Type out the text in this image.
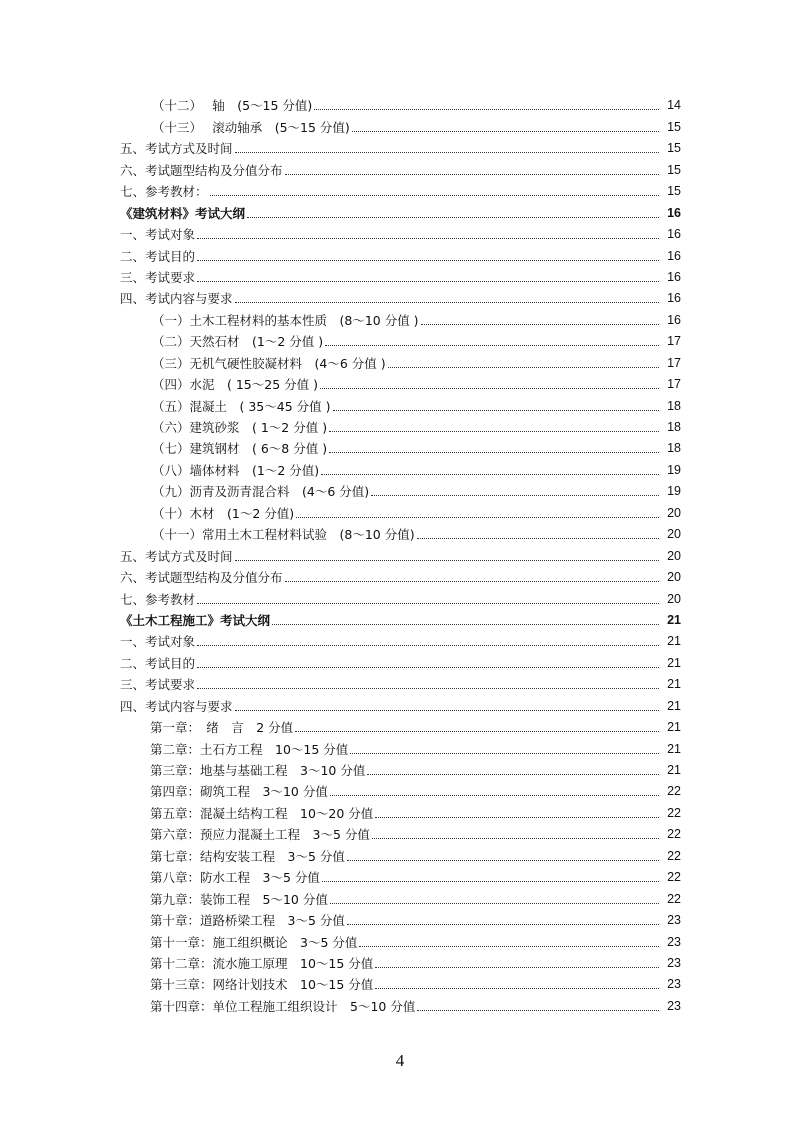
（十二）　 轴　(5～15 分值)	14
（十三）　 滚动轴承　(5～15 分值)	15
五、考试方式及时间	15
六、考试题型结构及分值分布	15
七、参考教材：	15
《建筑材料》考试大纲	16
一、考试对象	16
二、考试目的	16
三、考试要求	16
四、考试内容与要求	16
（一）土木工程材料的基本性质　(8～10 分值 )	16
（二）天然石材　(1～2 分值 )	17
（三）无机气硬性胶凝材料　(4～6 分值 )	17
（四）水泥　( 15～25 分值 )	17
（五）混凝土　( 35～45 分值 )	18
（六）建筑砂浆　( 1～2 分值 )	18
（七）建筑钢材　( 6～8 分值 )	18
（八）墙体材料　(1～2 分值)	19
（九）沥青及沥青混合料　(4～6 分值)	19
（十）木材　(1～2 分值)	20
（十一）常用土木工程材料试验　(8～10 分值)	20
五、考试方式及时间	20
六、考试题型结构及分值分布	20
七、参考教材	20
《土木工程施工》考试大纲	21
一、考试对象	21
二、考试目的	21
三、考试要求	21
四、考试内容与要求	21
第一章：　绪　言　2 分值	21
第二章：土石方工程　10～15 分值	21
第三章：地基与基础工程　3～10 分值	21
第四章：砌筑工程　3～10 分值	22
第五章：混凝土结构工程　10～20 分值	22
第六章：预应力混凝土工程　3～5 分值	22
第七章：结构安装工程　3～5 分值	22
第八章：防水工程　3～5 分值	22
第九章：装饰工程　5～10 分值	22
第十章：道路桥梁工程　3～5 分值	23
第十一章：施工组织概论　3～5 分值	23
第十二章：流水施工原理　10～15 分值	23
第十三章：网络计划技术　10～15 分值	23
第十四章：单位工程施工组织设计　5～10 分值	23
4
